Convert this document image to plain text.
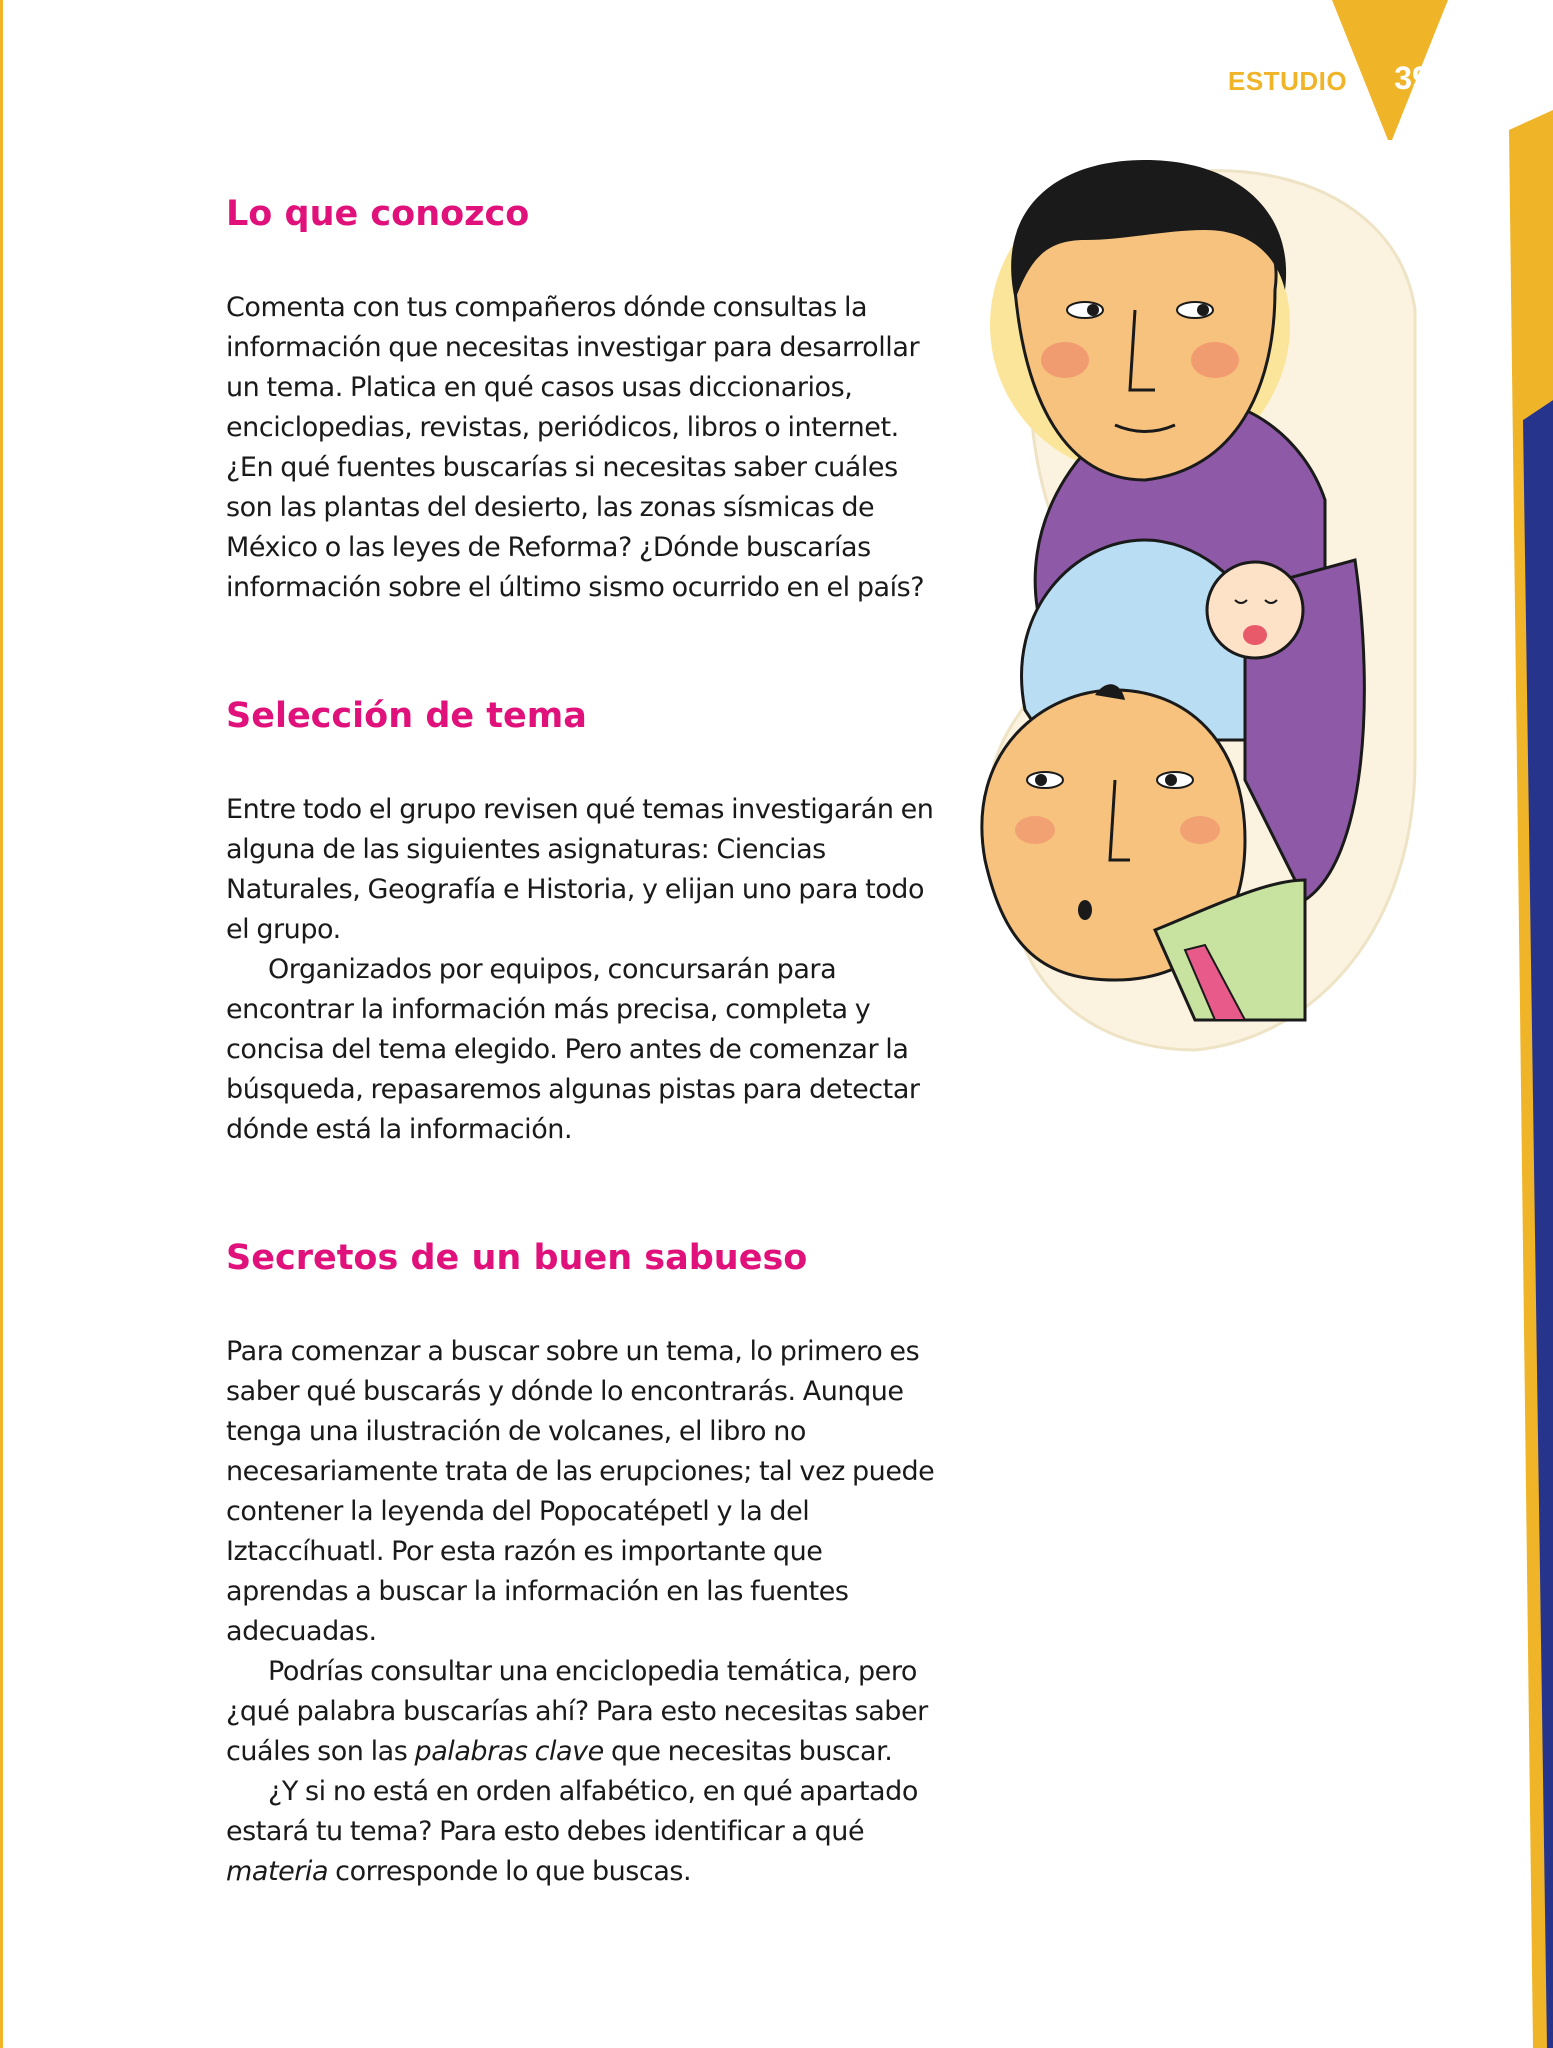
ESTUDIO	39
Lo que conozco

Comenta con tus compañeros dónde consultas la información que necesitas investigar para desarrollar un tema. Platica en qué casos usas diccionarios, enciclopedias, revistas, periódicos, libros o internet. ¿En qué fuentes buscarías si necesitas saber cuáles son las plantas del desierto, las zonas sísmicas de México o las leyes de Reforma? ¿Dónde buscarías información sobre el último sismo ocurrido en el país?

Selección de tema

Entre todo el grupo revisen qué temas investigarán en alguna de las siguientes asignaturas: Ciencias Naturales, Geografía e Historia, y elijan uno para todo el grupo.

Organizados por equipos, concursarán para encontrar la información más precisa, completa y concisa del tema elegido. Pero antes de comenzar la búsqueda, repasaremos algunas pistas para detectar dónde está la información.

Secretos de un buen sabueso

Para comenzar a buscar sobre un tema, lo primero es saber qué buscarás y dónde lo encontrarás. Aunque tenga una ilustración de volcanes, el libro no necesariamente trata de las erupciones; tal vez puede contener la leyenda del Popocatépetl y la del Iztaccíhuatl. Por esta razón es importante que aprendas a buscar la información en las fuentes adecuadas.

Podrías consultar una enciclopedia temática, pero ¿qué palabra buscarías ahí? Para esto necesitas saber cuáles son las palabras clave que necesitas buscar.

¿Y si no está en orden alfabético, en qué apartado estará tu tema? Para esto debes identificar a qué materia corresponde lo que buscas.
